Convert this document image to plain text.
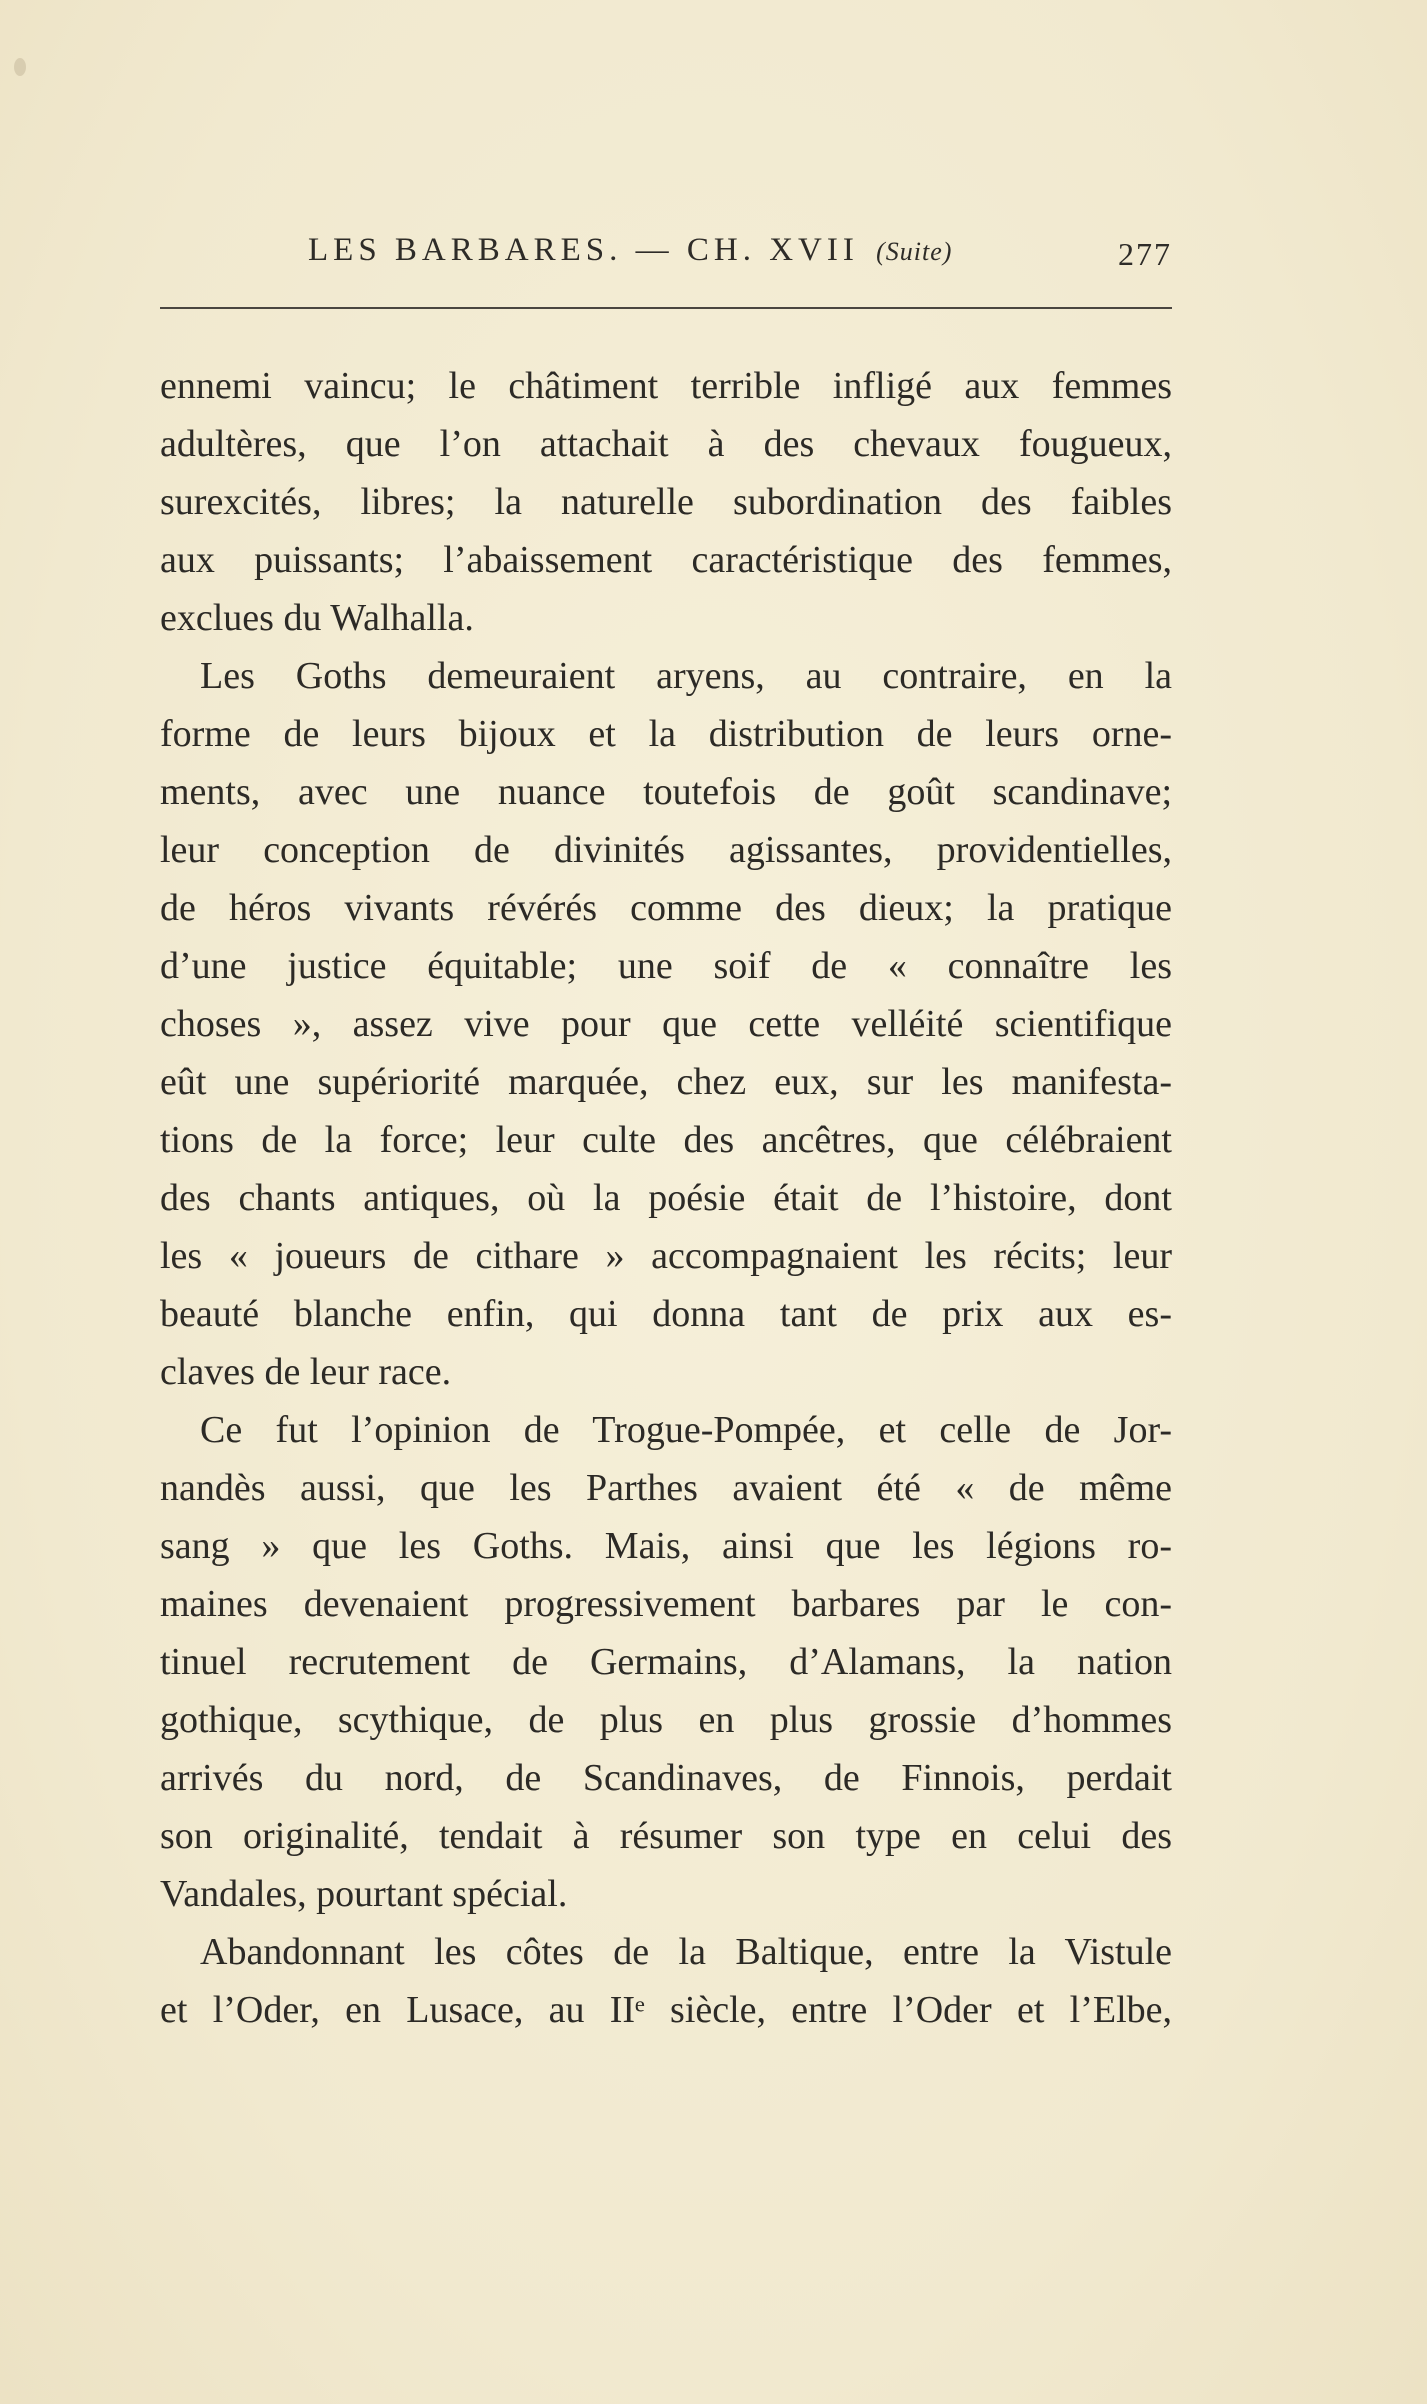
LES BARBARES. — CH. XVII (Suite)	277
ennemi vaincu; le châtiment terrible infligé aux femmes
adultères, que l’on attachait à des chevaux fougueux,
surexcités, libres; la naturelle subordination des faibles
aux puissants; l’abaissement caractéristique des femmes,
exclues du Walhalla.
Les Goths demeuraient aryens, au contraire, en la
forme de leurs bijoux et la distribution de leurs orne-
ments, avec une nuance toutefois de goût scandinave;
leur conception de divinités agissantes, providentielles,
de héros vivants révérés comme des dieux; la pratique
d’une justice équitable; une soif de « connaître les
choses », assez vive pour que cette velléité scientifique
eût une supériorité marquée, chez eux, sur les manifesta-
tions de la force; leur culte des ancêtres, que célébraient
des chants antiques, où la poésie était de l’histoire, dont
les « joueurs de cithare » accompagnaient les récits; leur
beauté blanche enfin, qui donna tant de prix aux es-
claves de leur race.
Ce fut l’opinion de Trogue-Pompée, et celle de Jor-
nandès aussi, que les Parthes avaient été « de même
sang » que les Goths. Mais, ainsi que les légions ro-
maines devenaient progressivement barbares par le con-
tinuel recrutement de Germains, d’Alamans, la nation
gothique, scythique, de plus en plus grossie d’hommes
arrivés du nord, de Scandinaves, de Finnois, perdait
son originalité, tendait à résumer son type en celui des
Vandales, pourtant spécial.
Abandonnant les côtes de la Baltique, entre la Vistule
et l’Oder, en Lusace, au IIᵉ siècle, entre l’Oder et l’Elbe,
